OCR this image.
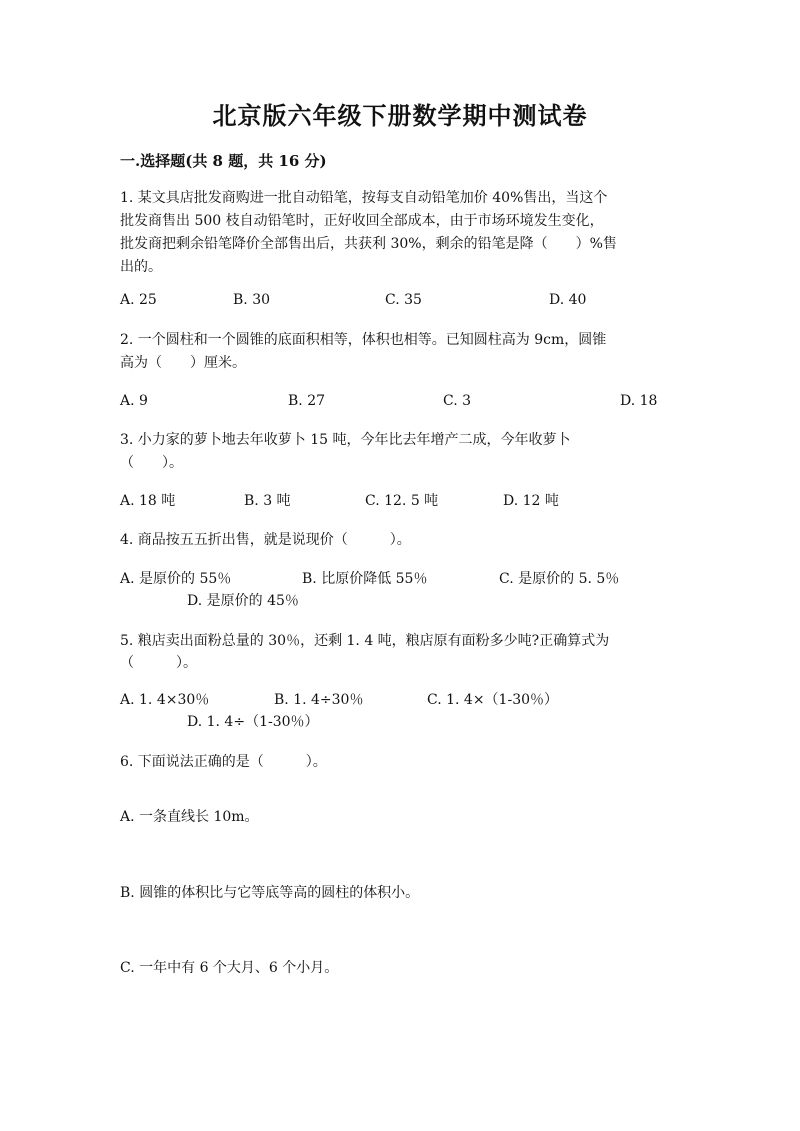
北京版六年级下册数学期中测试卷
一.选择题(共 8 题，共 16 分)
1. 某文具店批发商购进一批自动铅笔，按每支自动铅笔加价 40%售出，当这个
批发商售出 500 枝自动铅笔时，正好收回全部成本，由于市场环境发生变化，
批发商把剩余铅笔降价全部售出后，共获利 30%，剩余的铅笔是降（　　）%售
出的。
A. 25	B. 30	C. 35	D. 40
2. 一个圆柱和一个圆锥的底面积相等，体积也相等。已知圆柱高为 9cm，圆锥
高为（　　）厘米。
A. 9	B. 27	C. 3	D. 18
3. 小力家的萝卜地去年收萝卜 15 吨，今年比去年增产二成，今年收萝卜
（　　）。
A. 18 吨	B. 3 吨	C. 12. 5 吨	D. 12 吨
4. 商品按五五折出售，就是说现价（　　　）。
A. 是原价的 55％	B. 比原价降低 55％	C. 是原价的 5. 5％
D. 是原价的 45％
5. 粮店卖出面粉总量的 30％，还剩 1. 4 吨，粮店原有面粉多少吨?正确算式为
（　　　）。
A. 1. 4×30％	B. 1. 4÷30％	C. 1. 4×（1-30％）
D. 1. 4÷（1-30％）
6. 下面说法正确的是（　　　）。
A. 一条直线长 10m。
B. 圆锥的体积比与它等底等高的圆柱的体积小。
C. 一年中有 6 个大月、6 个小月。
